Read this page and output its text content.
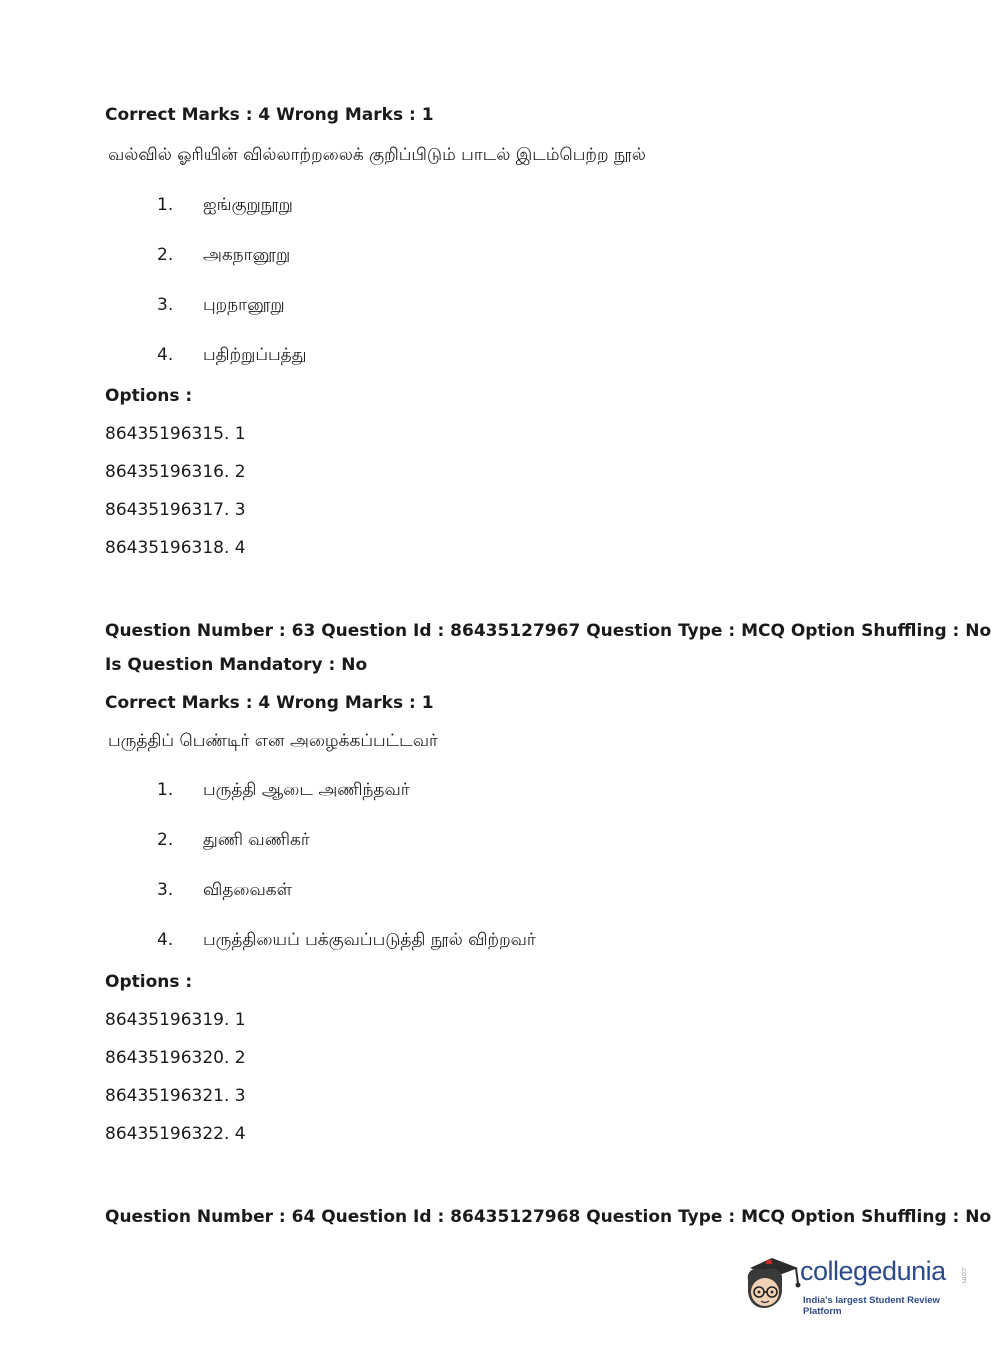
Correct Marks : 4 Wrong Marks : 1
வல்வில் ஓரியின் வில்லாற்றலைக் குறிப்பிடும் பாடல் இடம்பெற்ற நூல்
1. ஐங்குறுநூறு
2. அகநானூறு
3. புறநானூறு
4. பதிற்றுப்பத்து
Options :
86435196315. 1
86435196316. 2
86435196317. 3
86435196318. 4
Question Number : 63 Question Id : 86435127967 Question Type : MCQ Option Shuffling : No
Is Question Mandatory : No
Correct Marks : 4 Wrong Marks : 1
பருத்திப் பெண்டிர் என அழைக்கப்பட்டவர்
1. பருத்தி ஆடை அணிந்தவர்
2. துணி வணிகர்
3. விதவைகள்
4. பருத்தியைப் பக்குவப்படுத்தி நூல் விற்றவர்
Options :
86435196319. 1
86435196320. 2
86435196321. 3
86435196322. 4
Question Number : 64 Question Id : 86435127968 Question Type : MCQ Option Shuffling : No
collegedunia .com
India's largest Student Review Platform
